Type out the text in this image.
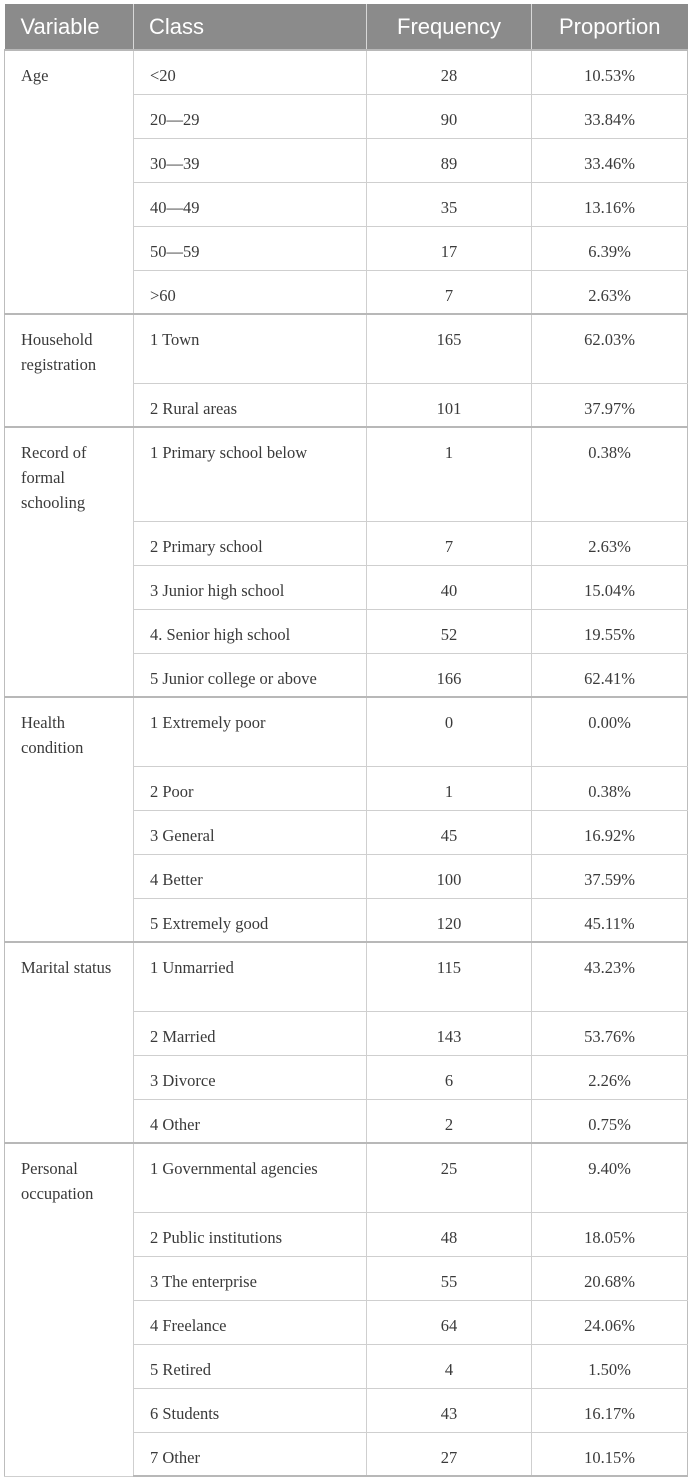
Variable	Class	Frequency	Proportion
Age	<20	28	10.53%
	20—29	90	33.84%
	30—39	89	33.46%
	40—49	35	13.16%
	50—59	17	6.39%
	>60	7	2.63%
Household registration	1 Town	165	62.03%
	2 Rural areas	101	37.97%
Record of formal schooling	1 Primary school below	1	0.38%
	2 Primary school	7	2.63%
	3 Junior high school	40	15.04%
	4. Senior high school	52	19.55%
	5 Junior college or above	166	62.41%
Health condition	1 Extremely poor	0	0.00%
	2 Poor	1	0.38%
	3 General	45	16.92%
	4 Better	100	37.59%
	5 Extremely good	120	45.11%
Marital status	1 Unmarried	115	43.23%
	2 Married	143	53.76%
	3 Divorce	6	2.26%
	4 Other	2	0.75%
Personal occupation	1 Governmental agencies	25	9.40%
	2 Public institutions	48	18.05%
	3 The enterprise	55	20.68%
	4 Freelance	64	24.06%
	5 Retired	4	1.50%
	6 Students	43	16.17%
	7 Other	27	10.15%
